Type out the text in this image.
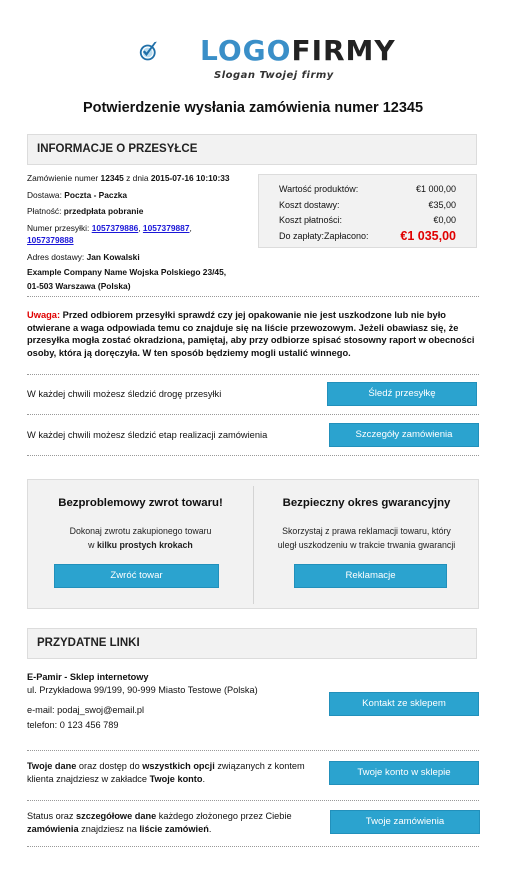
LOGOFIRMY
Slogan Twojej firmy
Potwierdzenie wysłania zamówienia numer 12345
INFORMACJE O PRZESYŁCE
Zamówienie numer 12345 z dnia 2015-07-16 10:10:33
Dostawa: Poczta - Paczka
Płatność: przedpłata pobranie
Numer przesyłki: 1057379886, 1057379887,
1057379888
Adres dostawy: Jan Kowalski
Example Company Name Wojska Polskiego 23/45,
01-503 Warszawa (Polska)
Wartość produktów:	€1 000,00
Koszt dostawy:	€35,00
Koszt płatności:	€0,00
Do zapłaty:Zapłacono:	€1 035,00
Uwaga: Przed odbiorem przesyłki sprawdź czy jej opakowanie nie jest uszkodzone lub nie było otwierane a waga odpowiada temu co znajduje się na liście przewozowym. Jeżeli obawiasz się, że przesyłka mogła zostać okradziona, pamiętaj, aby przy odbiorze spisać stosowny raport w obecności osoby, która ją doręczyła. W ten sposób będziemy mogli ustalić winnego.
W każdej chwili możesz śledzić drogę przesyłki	Śledź przesyłkę
W każdej chwili możesz śledzić etap realizacji zamówienia	Szczegóły zamówienia
Bezproblemowy zwrot towaru!
Dokonaj zwrotu zakupionego towaru
w kilku prostych krokach
Zwróć towar
Bezpieczny okres gwarancyjny
Skorzystaj z prawa reklamacji towaru, który
uległ uszkodzeniu w trakcie trwania gwarancji
Reklamacje
PRZYDATNE LINKI
E-Pamir - Sklep internetowy
ul. Przykładowa 99/199, 90-999 Miasto Testowe (Polska)

e-mail: podaj_swoj@email.pl

telefon: 0 123 456 789
Kontakt ze sklepem
Twoje dane oraz dostęp do wszystkich opcji związanych z kontem klienta znajdziesz w zakładce Twoje konto.
Twoje konto w sklepie
Status oraz szczegółowe dane każdego złożonego przez Ciebie zamówienia znajdziesz na liście zamówień.
Twoje zamówienia
